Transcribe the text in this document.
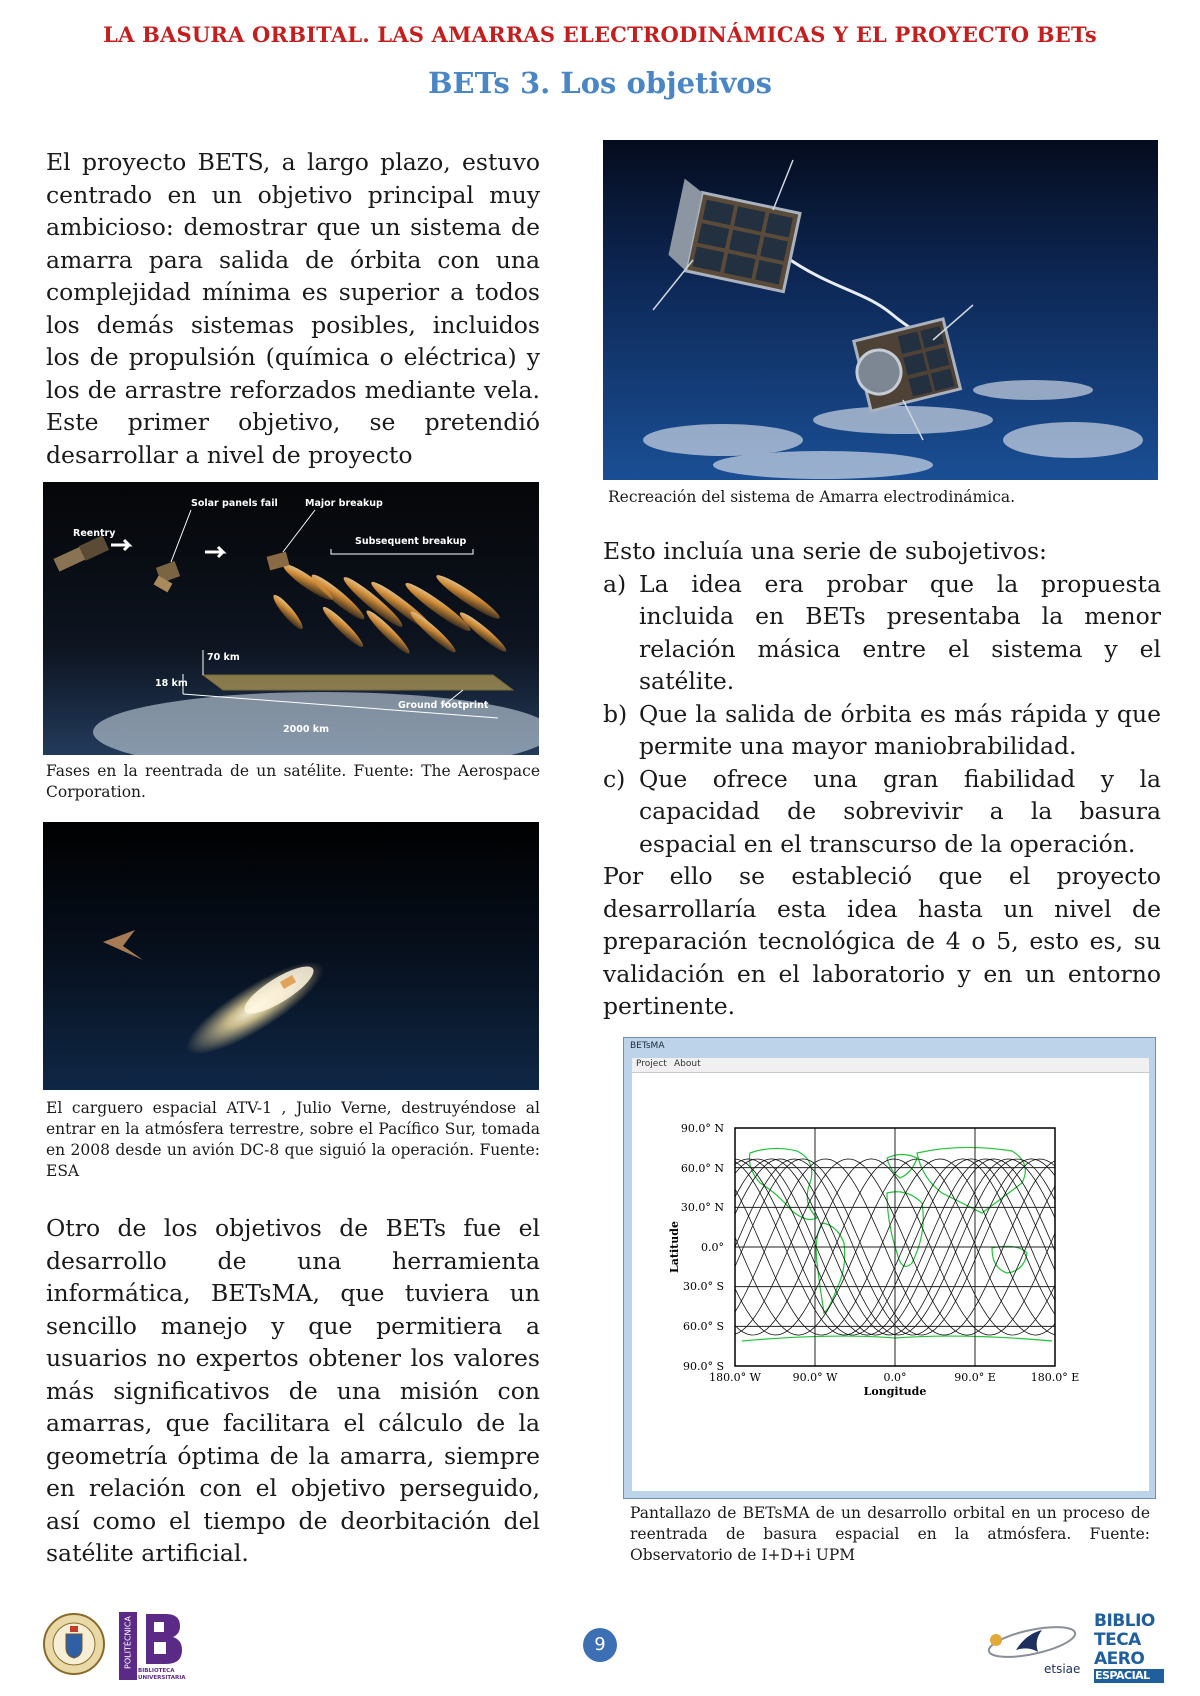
LA BASURA ORBITAL. LAS AMARRAS ELECTRODINÁMICAS Y EL PROYECTO BETs
BETs 3. Los objetivos
El proyecto BETS, a largo plazo, estuvo centrado en un objetivo principal muy ambicioso: demostrar que un sistema de amarra para salida de órbita con una complejidad mínima es superior a todos los demás sistemas posibles, incluidos los de propulsión (química o eléctrica) y los de arrastre reforzados mediante vela. Este primer objetivo, se pretendió desarrollar a nivel de proyecto
Reentry
Solar panels fail	Major breakup
Subsequent breakup
70 km
18 km
2000 km
Ground footprint
Fases en la reentrada de un satélite. Fuente: The Aerospace Corporation.
El carguero espacial ATV-1 , Julio Verne, destruyéndose al entrar en la atmósfera terrestre, sobre el Pacífico Sur, tomada en 2008 desde un avión DC-8 que siguió la operación. Fuente: ESA
Otro de los objetivos de BETs fue el desarrollo de una herramienta informática, BETsMA, que tuviera un sencillo manejo y que permitiera a usuarios no expertos obtener los valores más significativos de una misión con amarras, que facilitara el cálculo de la geometría óptima de la amarra, siempre en relación con el objetivo perseguido, así como el tiempo de deorbitación del satélite artificial.
Recreación del sistema de Amarra electrodinámica.
Esto incluía una serie de subojetivos:
a) La idea era probar que la propuesta incluida en BETs presentaba la menor relación másica entre el sistema y el satélite.
b) Que la salida de órbita es más rápida y que permite una mayor maniobrabilidad.
c) Que ofrece una gran fiabilidad y la capacidad de sobrevivir a la basura espacial en el transcurso de la operación.
Por ello se estableció que el proyecto desarrollaría esta idea hasta un nivel de preparación tecnológica de 4 o 5, esto es, su validación en el laboratorio y en un entorno pertinente.
BETsMA
Project About
90.0° N
60.0° N
30.0° N
0.0°
30.0° S
60.0° S
90.0° S
180.0° W	90.0° W	0.0°	90.0° E	180.0° E
Longitude
Latitude
Pantallazo de BETsMA de un desarrollo orbital en un proceso de reentrada de basura espacial en la atmósfera. Fuente: Observatorio de I+D+i UPM
POLITÉCNICA
BIBLIOTECA UNIVERSITARIA
9
etsiae
BIBLIO
TECA
AERO
ESPACIAL
